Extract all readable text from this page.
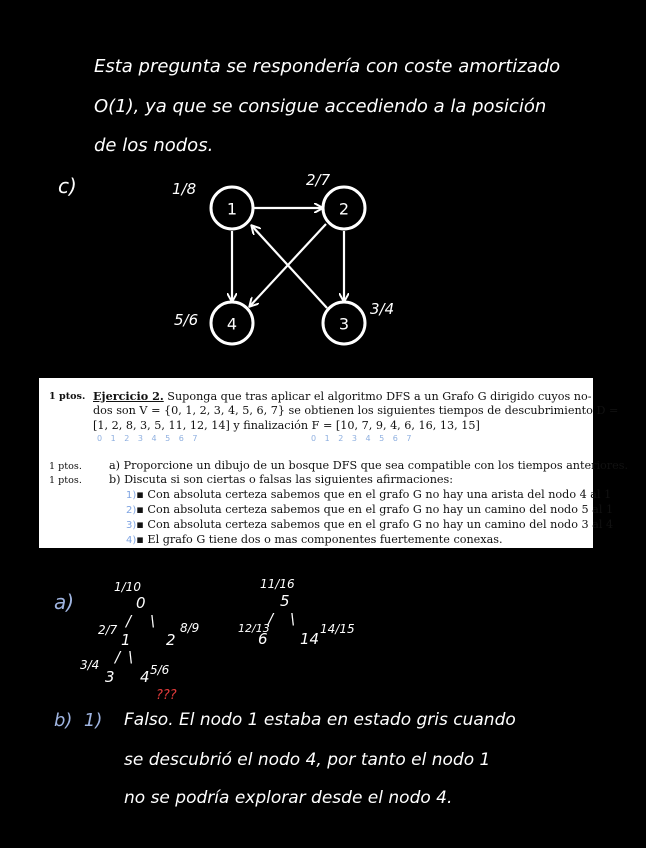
Esta pregunta se respondería con coste amortizado
O(1), ya que se consigue accediendo a la posición
de los nodos.
c)
1	2
4	3
1/8	2/7
3/4
5/6
1 ptos. Ejercicio 2. Suponga que tras aplicar el algoritmo DFS a un Grafo G dirigido cuyos no-
dos son V = {0, 1, 2, 3, 4, 5, 6, 7} se obtienen los siguientes tiempos de descubrimiento D =
[1, 2, 8, 3, 5, 11, 12, 14] y finalización F = [10, 7, 9, 4, 6, 16, 13, 15]
0 1 2 3 4 5 6 7	0 1 2 3 4 5 6 7
1 ptos. a) Proporcione un dibujo de un bosque DFS que sea compatible con los tiempos anteriores.
1 ptos. b) Discuta si son ciertas o falsas las siguientes afirmaciones:
1)▪ Con absoluta certeza sabemos que en el grafo G no hay una arista del nodo 4 al 1
2)▪ Con absoluta certeza sabemos que en el grafo G no hay un camino del nodo 5 al 1
3)▪ Con absoluta certeza sabemos que en el grafo G no hay un camino del nodo 3 al 4
4)▪ El grafo G tiene dos o mas componentes fuertemente conexas.
a)
1/10
0
/ \
2/7
1 2
8/9
/ \
3/4
3 4 5/6
11/16
5
/ \
12/13
6 14
14/15
???
b) 1) Falso. El nodo 1 estaba en estado gris cuando
se descubrió el nodo 4, por tanto el nodo 1
no se podría explorar desde el nodo 4.
